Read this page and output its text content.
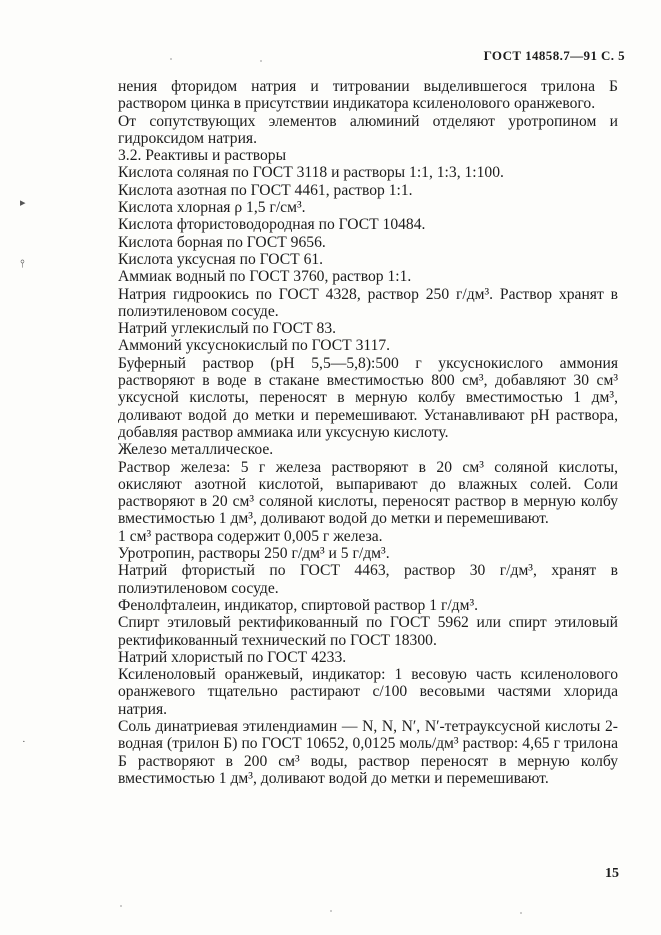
ГОСТ 14858.7—91 С. 5

нения фторидом натрия и титровании выделившегося трилона Б раствором цинка в присутствии индикатора ксиленолового оранжевого.

От сопутствующих элементов алюминий отделяют уротропином и гидроксидом натрия.

3.2. Реактивы и растворы

Кислота соляная по ГОСТ 3118 и растворы 1:1, 1:3, 1:100.

Кислота азотная по ГОСТ 4461, раствор 1:1.

Кислота хлорная ρ 1,5 г/см³.

Кислота фтористоводородная по ГОСТ 10484.

Кислота борная по ГОСТ 9656.

Кислота уксусная по ГОСТ 61.

Аммиак водный по ГОСТ 3760, раствор 1:1.

Натрия гидроокись по ГОСТ 4328, раствор 250 г/дм³. Раствор хранят в полиэтиленовом сосуде.

Натрий углекислый по ГОСТ 83.

Аммоний уксуснокислый по ГОСТ 3117.

Буферный раствор (рН 5,5—5,8):500 г уксуснокислого аммония растворяют в воде в стакане вместимостью 800 см³, добавляют 30 см³ уксусной кислоты, переносят в мерную колбу вместимостью 1 дм³, доливают водой до метки и перемешивают. Устанавливают рН раствора, добавляя раствор аммиака или уксусную кислоту.

Железо металлическое.

Раствор железа: 5 г железа растворяют в 20 см³ соляной кислоты, окисляют азотной кислотой, выпаривают до влажных солей. Соли растворяют в 20 см³ соляной кислоты, переносят раствор в мерную колбу вместимостью 1 дм³, доливают водой до метки и перемешивают.

1 см³ раствора содержит 0,005 г железа.

Уротропин, растворы 250 г/дм³ и 5 г/дм³.

Натрий фтористый по ГОСТ 4463, раствор 30 г/дм³, хранят в полиэтиленовом сосуде.

Фенолфталеин, индикатор, спиртовой раствор 1 г/дм³.

Спирт этиловый ректификованный по ГОСТ 5962 или спирт этиловый ректификованный технический по ГОСТ 18300.

Натрий хлористый по ГОСТ 4233.

Ксиленоловый оранжевый, индикатор: 1 весовую часть ксиленолового оранжевого тщательно растирают с/100 весовыми частями хлорида натрия.

Соль динатриевая этилендиамин — N, N, N′, N′-тетрауксусной кислоты 2-водная (трилон Б) по ГОСТ 10652, 0,0125 моль/дм³ раствор: 4,65 г трилона Б растворяют в 200 см³ воды, раствор переносят в мерную колбу вместимостью 1 дм³, доливают водой до метки и перемешивают.

15
▸
⫯
·
